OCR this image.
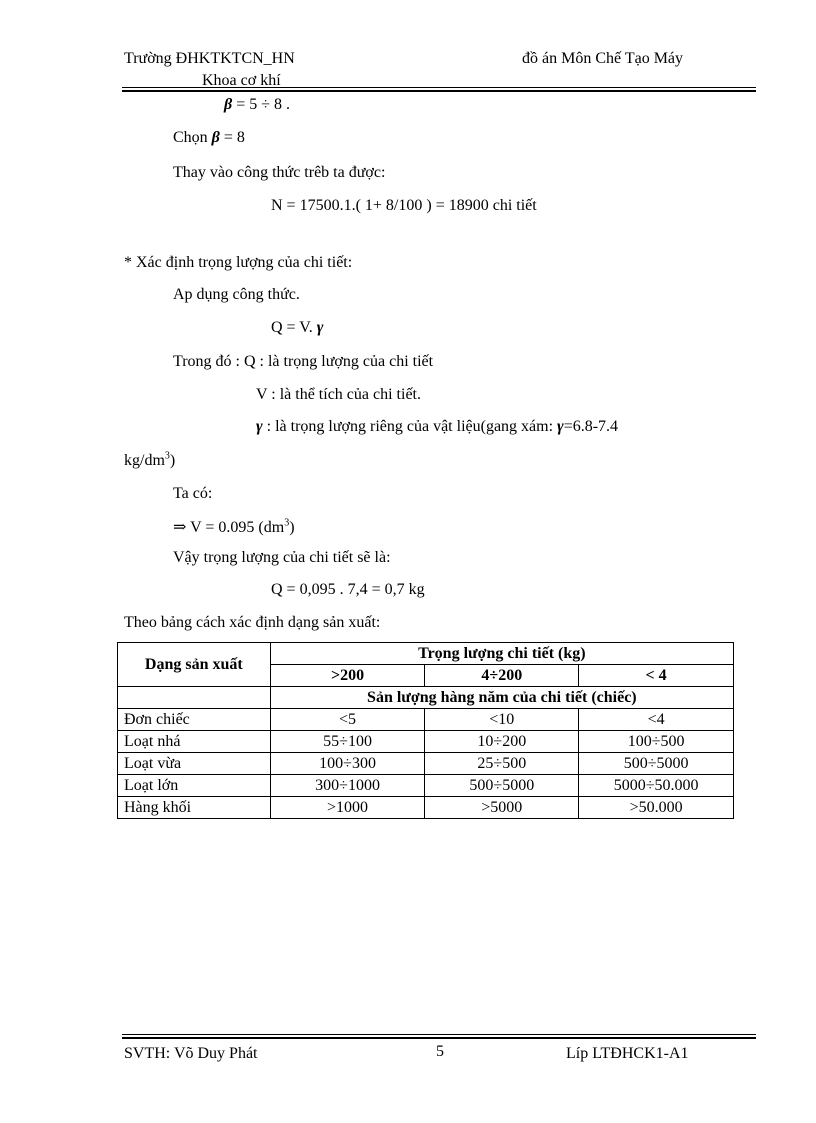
Trường ĐHKTKTCN_HN
Khoa cơ khí
đồ án Môn Chế Tạo Máy
β = 5 ÷ 8 .
Chọn β = 8
Thay vào công thức trêb ta được:
N = 17500.1.( 1+ 8/100 ) = 18900 chi tiết
* Xác định trọng lượng của chi tiết:
Ap dụng công thức.
Q = V. γ
Trong đó : Q : là trọng lượng của chi tiết
V : là thể tích của chi tiết.
γ : là trọng lượng riêng của vật liệu(gang xám: γ=6.8-7.4
$kg/dm^3$)
Ta có:
⇒ V = 0.095 $(dm^3)$
Vậy trọng lượng của chi tiết sẽ là:
Q = 0,095 . 7,4 = 0,7 kg
Theo bảng cách xác định dạng sản xuất:
Dạng sản xuất	Trọng lượng chi tiết (kg)		
	>200	4÷200	< 4
	Sản lượng hàng năm của chi tiết (chiếc)		
Đơn chiếc	<5	<10	<4
Loạt nhá	55÷100	10÷200	100÷500
Loạt vừa	100÷300	25÷500	500÷5000
Loạt lớn	300÷1000	500÷5000	5000÷50.000
Hàng khối	>1000	>5000	>50.000
SVTH: Võ Duy Phát	5	Líp LTĐHCK1-A1
